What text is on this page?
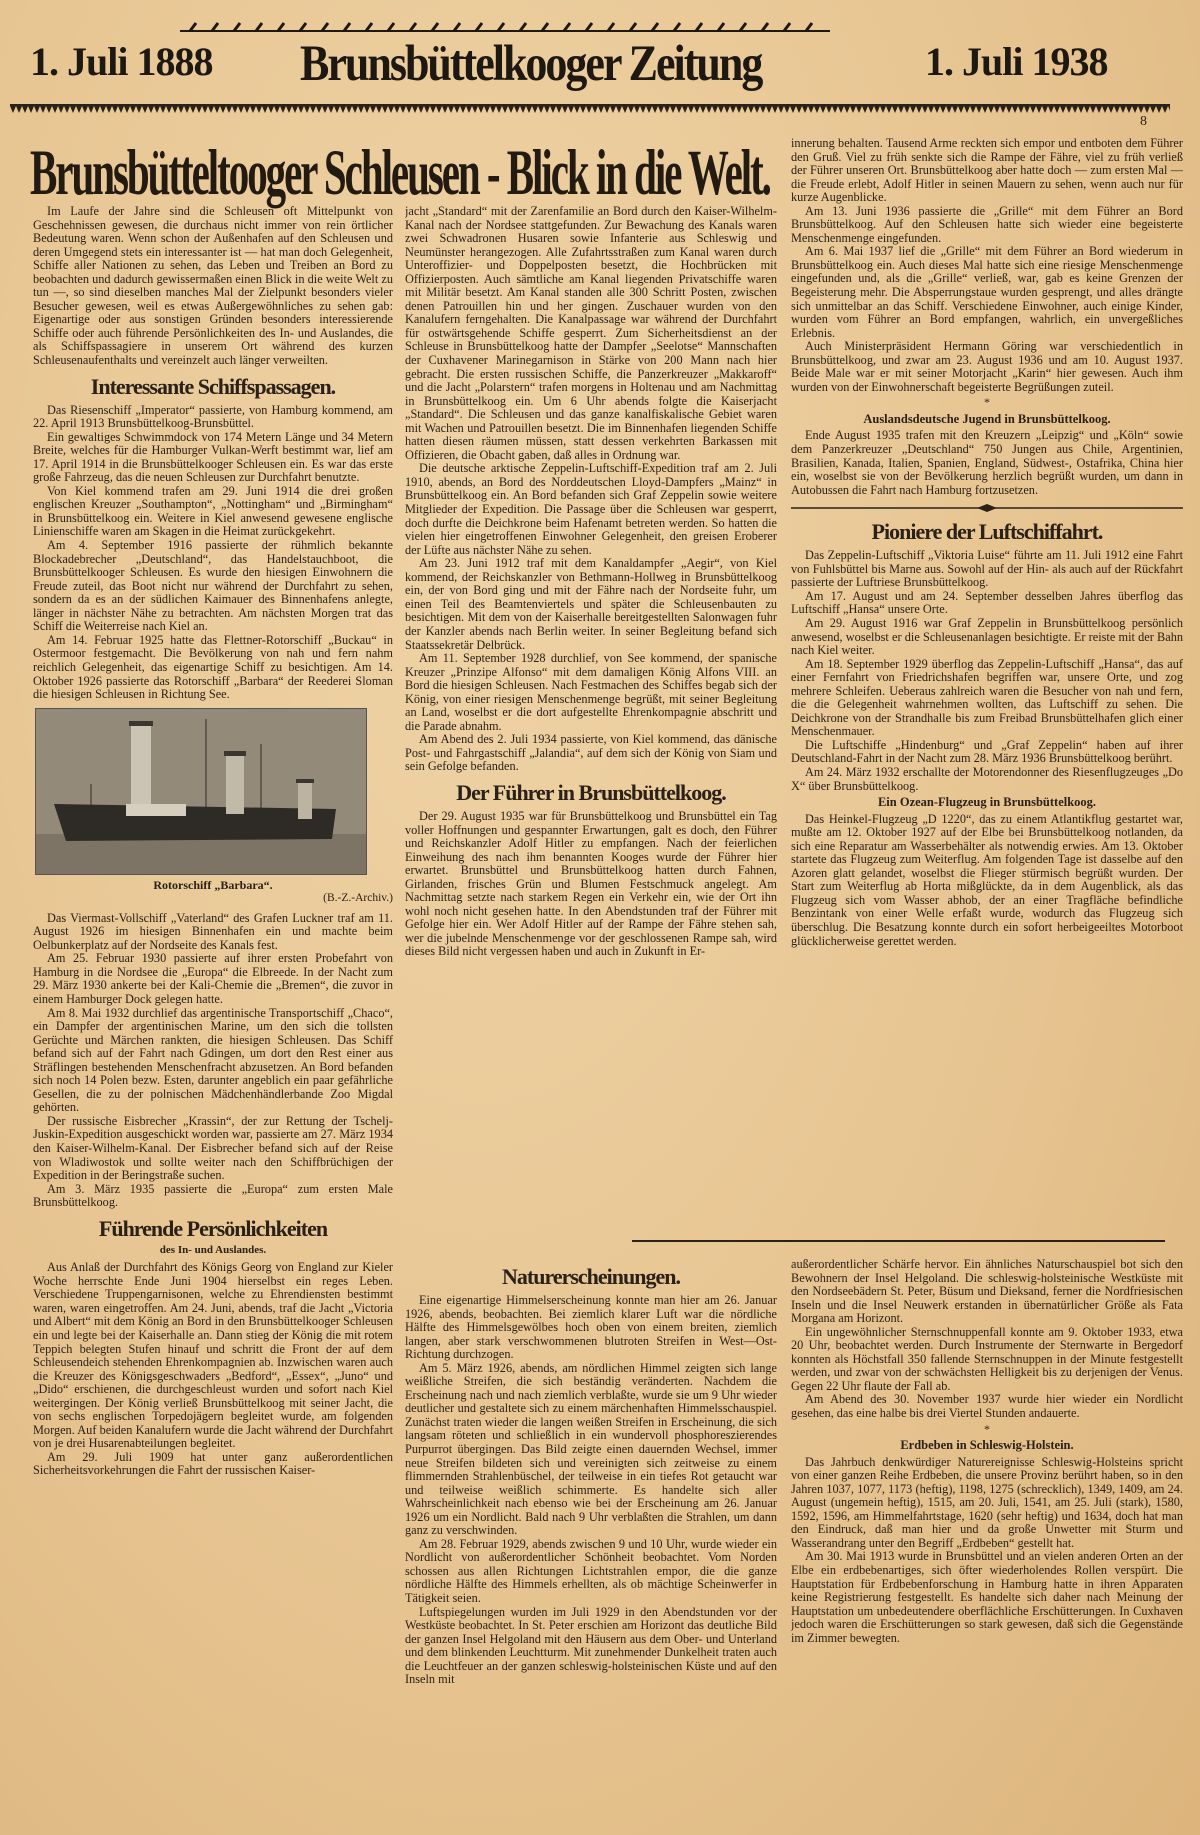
1. Juli 1888 Brunsbüttelkooger Zeitung	1. Juli 1938
8
Brunsbütteltooger Schleusen - Blick in die Welt.

Im Laufe der Jahre sind die Schleusen oft Mittelpunkt von Geschehnissen gewesen, die durchaus nicht immer von rein örtlicher Bedeutung waren. Wenn schon der Außenhafen auf den Schleusen und deren Umgegend stets ein interessanter ist — hat man doch Gelegenheit, Schiffe aller Nationen zu sehen, das Leben und Treiben an Bord zu beobachten und dadurch gewissermaßen einen Blick in die weite Welt zu tun —, so sind dieselben manches Mal der Zielpunkt besonders vieler Besucher gewesen, weil es etwas Außergewöhnliches zu sehen gab: Eigenartige oder aus sonstigen Gründen besonders interessierende Schiffe oder auch führende Persönlichkeiten des In- und Auslandes, die als Schiffspassagiere in unserem Ort während des kurzen Schleusenaufenthalts und vereinzelt auch länger verweilten.

Interessante Schiffspassagen.

Das Riesenschiff „Imperator“ passierte, von Hamburg kommend, am 22. April 1913 Brunsbüttelkoog-Brunsbüttel.

Ein gewaltiges Schwimmdock von 174 Metern Länge und 34 Metern Breite, welches für die Hamburger Vulkan-Werft bestimmt war, lief am 17. April 1914 in die Brunsbüttelkooger Schleusen ein. Es war das erste große Fahrzeug, das die neuen Schleusen zur Durchfahrt benutzte.

Von Kiel kommend trafen am 29. Juni 1914 die drei großen englischen Kreuzer „Southampton“, „Nottingham“ und „Birmingham“ in Brunsbüttelkoog ein. Weitere in Kiel anwesend gewesene englische Linienschiffe waren am Skagen in die Heimat zurückgekehrt.

Am 4. September 1916 passierte der rühmlich bekannte Blockadebrecher „Deutschland“, das Handelstauchboot, die Brunsbüttelkooger Schleusen. Es wurde den hiesigen Einwohnern die Freude zuteil, das Boot nicht nur während der Durchfahrt zu sehen, sondern da es an der südlichen Kaimauer des Binnenhafens anlegte, länger in nächster Nähe zu betrachten. Am nächsten Morgen trat das Schiff die Weiterreise nach Kiel an.

Am 14. Februar 1925 hatte das Flettner-Rotorschiff „Buckau“ in Ostermoor festgemacht. Die Bevölkerung von nah und fern nahm reichlich Gelegenheit, das eigenartige Schiff zu besichtigen. Am 14. Oktober 1926 passierte das Rotorschiff „Barbara“ der Reederei Sloman die hiesigen Schleusen in Richtung See.

Rotorschiff „Barbara“.
(B.-Z.-Archiv.)

Das Viermast-Vollschiff „Vaterland“ des Grafen Luckner traf am 11. August 1926 im hiesigen Binnenhafen ein und machte beim Oelbunkerplatz auf der Nordseite des Kanals fest.

Am 25. Februar 1930 passierte auf ihrer ersten Probefahrt von Hamburg in die Nordsee die „Europa“ die Elbreede. In der Nacht zum 29. März 1930 ankerte bei der Kali-Chemie die „Bremen“, die zuvor in einem Hamburger Dock gelegen hatte.

Am 8. Mai 1932 durchlief das argentinische Transportschiff „Chaco“, ein Dampfer der argentinischen Marine, um den sich die tollsten Gerüchte und Märchen rankten, die hiesigen Schleusen. Das Schiff befand sich auf der Fahrt nach Gdingen, um dort den Rest einer aus Sträflingen bestehenden Menschenfracht abzusetzen. An Bord befanden sich noch 14 Polen bezw. Esten, darunter angeblich ein paar gefährliche Gesellen, die zu der polnischen Mädchenhändlerbande Zoo Migdal gehörten.

Der russische Eisbrecher „Krassin“, der zur Rettung der Tschelj-Juskin-Expedition ausgeschickt worden war, passierte am 27. März 1934 den Kaiser-Wilhelm-Kanal. Der Eisbrecher befand sich auf der Reise von Wladiwostok und sollte weiter nach den Schiffbrüchigen der Expedition in der Beringstraße suchen.

Am 3. März 1935 passierte die „Europa“ zum ersten Male Brunsbüttelkoog.

Führende Persönlichkeiten
des In- und Auslandes.

Aus Anlaß der Durchfahrt des Königs Georg von England zur Kieler Woche herrschte Ende Juni 1904 hierselbst ein reges Leben. Verschiedene Truppengarnisonen, welche zu Ehrendiensten bestimmt waren, waren eingetroffen. Am 24. Juni, abends, traf die Jacht „Victoria und Albert“ mit dem König an Bord in den Brunsbüttelkooger Schleusen ein und legte bei der Kaiserhalle an. Dann stieg der König die mit rotem Teppich belegten Stufen hinauf und schritt die Front der auf dem Schleusendeich stehenden Ehrenkompagnien ab. Inzwischen waren auch die Kreuzer des Königsgeschwaders „Bedford“, „Essex“, „Juno“ und „Dido“ erschienen, die durchgeschleust wurden und sofort nach Kiel weitergingen. Der König verließ Brunsbüttelkoog mit seiner Jacht, die von sechs englischen Torpedojägern begleitet wurde, am folgenden Morgen. Auf beiden Kanalufern wurde die Jacht während der Durchfahrt von je drei Husarenabteilungen begleitet.

Am 29. Juli 1909 hat unter ganz außerordentlichen Sicherheitsvorkehrungen die Fahrt der russischen Kaiser-

jacht „Standard“ mit der Zarenfamilie an Bord durch den Kaiser-Wilhelm-Kanal nach der Nordsee stattgefunden. Zur Bewachung des Kanals waren zwei Schwadronen Husaren sowie Infanterie aus Schleswig und Neumünster herangezogen. Alle Zufahrtsstraßen zum Kanal waren durch Unteroffizier- und Doppelposten besetzt, die Hochbrücken mit Offizierposten. Auch sämtliche am Kanal liegenden Privatschiffe waren mit Militär besetzt. Am Kanal standen alle 300 Schritt Posten, zwischen denen Patrouillen hin und her gingen. Zuschauer wurden von den Kanalufern ferngehalten. Die Kanalpassage war während der Durchfahrt für ostwärtsgehende Schiffe gesperrt. Zum Sicherheitsdienst an der Schleuse in Brunsbüttelkoog hatte der Dampfer „Seelotse“ Mannschaften der Cuxhavener Marinegarnison in Stärke von 200 Mann nach hier gebracht. Die ersten russischen Schiffe, die Panzerkreuzer „Makkaroff“ und die Jacht „Polarstern“ trafen morgens in Holtenau und am Nachmittag in Brunsbüttelkoog ein. Um 6 Uhr abends folgte die Kaiserjacht „Standard“. Die Schleusen und das ganze kanalfiskalische Gebiet waren mit Wachen und Patrouillen besetzt. Die im Binnenhafen liegenden Schiffe hatten diesen räumen müssen, statt dessen verkehrten Barkassen mit Offizieren, die Obacht gaben, daß alles in Ordnung war.

Die deutsche arktische Zeppelin-Luftschiff-Expedition traf am 2. Juli 1910, abends, an Bord des Norddeutschen Lloyd-Dampfers „Mainz“ in Brunsbüttelkoog ein. An Bord befanden sich Graf Zeppelin sowie weitere Mitglieder der Expedition. Die Passage über die Schleusen war gesperrt, doch durfte die Deichkrone beim Hafenamt betreten werden. So hatten die vielen hier eingetroffenen Einwohner Gelegenheit, den greisen Eroberer der Lüfte aus nächster Nähe zu sehen.

Am 23. Juni 1912 traf mit dem Kanaldampfer „Aegir“, von Kiel kommend, der Reichskanzler von Bethmann-Hollweg in Brunsbüttelkoog ein, der von Bord ging und mit der Fähre nach der Nordseite fuhr, um einen Teil des Beamtenviertels und später die Schleusenbauten zu besichtigen. Mit dem von der Kaiserhalle bereitgestellten Salonwagen fuhr der Kanzler abends nach Berlin weiter. In seiner Begleitung befand sich Staatssekretär Delbrück.

Am 11. September 1928 durchlief, von See kommend, der spanische Kreuzer „Prinzipe Alfonso“ mit dem damaligen König Alfons VIII. an Bord die hiesigen Schleusen. Nach Festmachen des Schiffes begab sich der König, von einer riesigen Menschenmenge begrüßt, mit seiner Begleitung an Land, woselbst er die dort aufgestellte Ehrenkompagnie abschritt und die Parade abnahm.

Am Abend des 2. Juli 1934 passierte, von Kiel kommend, das dänische Post- und Fahrgastschiff „Jalandia“, auf dem sich der König von Siam und sein Gefolge befanden.

Der Führer in Brunsbüttelkoog.

Der 29. August 1935 war für Brunsbüttelkoog und Brunsbüttel ein Tag voller Hoffnungen und gespannter Erwartungen, galt es doch, den Führer und Reichskanzler Adolf Hitler zu empfangen. Nach der feierlichen Einweihung des nach ihm benannten Kooges wurde der Führer hier erwartet. Brunsbüttel und Brunsbüttelkoog hatten durch Fahnen, Girlanden, frisches Grün und Blumen Festschmuck angelegt. Am Nachmittag setzte nach starkem Regen ein Verkehr ein, wie der Ort ihn wohl noch nicht gesehen hatte. In den Abendstunden traf der Führer mit Gefolge hier ein. Wer Adolf Hitler auf der Rampe der Fähre stehen sah, wer die jubelnde Menschenmenge vor der geschlossenen Rampe sah, wird dieses Bild nicht vergessen haben und auch in Zukunft in Er-

innerung behalten. Tausend Arme reckten sich empor und entboten dem Führer den Gruß. Viel zu früh senkte sich die Rampe der Fähre, viel zu früh verließ der Führer unseren Ort. Brunsbüttelkoog aber hatte doch — zum ersten Mal — die Freude erlebt, Adolf Hitler in seinen Mauern zu sehen, wenn auch nur für kurze Augenblicke.

Am 13. Juni 1936 passierte die „Grille“ mit dem Führer an Bord Brunsbüttelkoog. Auf den Schleusen hatte sich wieder eine begeisterte Menschenmenge eingefunden.

Am 6. Mai 1937 lief die „Grille“ mit dem Führer an Bord wiederum in Brunsbüttelkoog ein. Auch dieses Mal hatte sich eine riesige Menschenmenge eingefunden und, als die „Grille“ verließ, war, gab es keine Grenzen der Begeisterung mehr. Die Absperrungstaue wurden gesprengt, und alles drängte sich unmittelbar an das Schiff. Verschiedene Einwohner, auch einige Kinder, wurden vom Führer an Bord empfangen, wahrlich, ein unvergeßliches Erlebnis.

Auch Ministerpräsident Hermann Göring war verschiedentlich in Brunsbüttelkoog, und zwar am 23. August 1936 und am 10. August 1937. Beide Male war er mit seiner Motorjacht „Karin“ hier gewesen. Auch ihm wurden von der Einwohnerschaft begeisterte Begrüßungen zuteil.

*
Auslandsdeutsche Jugend in Brunsbüttelkoog.

Ende August 1935 trafen mit den Kreuzern „Leipzig“ und „Köln“ sowie dem Panzerkreuzer „Deutschland“ 750 Jungen aus Chile, Argentinien, Brasilien, Kanada, Italien, Spanien, England, Südwest-, Ostafrika, China hier ein, woselbst sie von der Bevölkerung herzlich begrüßt wurden, um dann in Autobussen die Fahrt nach Hamburg fortzusetzen.

Pioniere der Luftschiffahrt.

Das Zeppelin-Luftschiff „Viktoria Luise“ führte am 11. Juli 1912 eine Fahrt von Fuhlsbüttel bis Marne aus. Sowohl auf der Hin- als auch auf der Rückfahrt passierte der Luftriese Brunsbüttelkoog.

Am 17. August und am 24. September desselben Jahres überflog das Luftschiff „Hansa“ unsere Orte.

Am 29. August 1916 war Graf Zeppelin in Brunsbüttelkoog persönlich anwesend, woselbst er die Schleusenanlagen besichtigte. Er reiste mit der Bahn nach Kiel weiter.

Am 18. September 1929 überflog das Zeppelin-Luftschiff „Hansa“, das auf einer Fernfahrt von Friedrichshafen begriffen war, unsere Orte, und zog mehrere Schleifen. Ueberaus zahlreich waren die Besucher von nah und fern, die die Gelegenheit wahrnehmen wollten, das Luftschiff zu sehen. Die Deichkrone von der Strandhalle bis zum Freibad Brunsbüttelhafen glich einer Menschenmauer.

Die Luftschiffe „Hindenburg“ und „Graf Zeppelin“ haben auf ihrer Deutschland-Fahrt in der Nacht zum 28. März 1936 Brunsbüttelkoog berührt.

Am 24. März 1932 erschallte der Motorendonner des Riesenflugzeuges „Do X“ über Brunsbüttelkoog.

Ein Ozean-Flugzeug in Brunsbüttelkoog.

Das Heinkel-Flugzeug „D 1220“, das zu einem Atlantikflug gestartet war, mußte am 12. Oktober 1927 auf der Elbe bei Brunsbüttelkoog notlanden, da sich eine Reparatur am Wasserbehälter als notwendig erwies. Am 13. Oktober startete das Flugzeug zum Weiterflug. Am folgenden Tage ist dasselbe auf den Azoren glatt gelandet, woselbst die Flieger stürmisch begrüßt wurden. Der Start zum Weiterflug ab Horta mißglückte, da in dem Augenblick, als das Flugzeug sich vom Wasser abhob, der an einer Tragfläche befindliche Benzintank von einer Welle erfaßt wurde, wodurch das Flugzeug sich überschlug. Die Besatzung konnte durch ein sofort herbeigeeiltes Motorboot glücklicherweise gerettet werden.

Naturerscheinungen.

Eine eigenartige Himmelserscheinung konnte man hier am 26. Januar 1926, abends, beobachten. Bei ziemlich klarer Luft war die nördliche Hälfte des Himmelsgewölbes hoch oben von einem breiten, ziemlich langen, aber stark verschwommenen blutroten Streifen in West—Ost-Richtung durchzogen.

Am 5. März 1926, abends, am nördlichen Himmel zeigten sich lange weißliche Streifen, die sich beständig veränderten. Nachdem die Erscheinung nach und nach ziemlich verblaßte, wurde sie um 9 Uhr wieder deutlicher und gestaltete sich zu einem märchenhaften Himmelsschauspiel. Zunächst traten wieder die langen weißen Streifen in Erscheinung, die sich langsam röteten und schließlich in ein wundervoll phosphoreszierendes Purpurrot übergingen. Das Bild zeigte einen dauernden Wechsel, immer neue Streifen bildeten sich und vereinigten sich zeitweise zu einem flimmernden Strahlenbüschel, der teilweise in ein tiefes Rot getaucht war und teilweise weißlich schimmerte. Es handelte sich aller Wahrscheinlichkeit nach ebenso wie bei der Erscheinung am 26. Januar 1926 um ein Nordlicht. Bald nach 9 Uhr verblaßten die Strahlen, um dann ganz zu verschwinden.

Am 28. Februar 1929, abends zwischen 9 und 10 Uhr, wurde wieder ein Nordlicht von außerordentlicher Schönheit beobachtet. Vom Norden schossen aus allen Richtungen Lichtstrahlen empor, die die ganze nördliche Hälfte des Himmels erhellten, als ob mächtige Scheinwerfer in Tätigkeit seien.

Luftspiegelungen wurden im Juli 1929 in den Abendstunden vor der Westküste beobachtet. In St. Peter erschien am Horizont das deutliche Bild der ganzen Insel Helgoland mit den Häusern aus dem Ober- und Unterland und dem blinkenden Leuchtturm. Mit zunehmender Dunkelheit traten auch die Leuchtfeuer an der ganzen schleswig-holsteinischen Küste und auf den Inseln mit

außerordentlicher Schärfe hervor. Ein ähnliches Naturschauspiel bot sich den Bewohnern der Insel Helgoland. Die schleswig-holsteinische Westküste mit den Nordseebädern St. Peter, Büsum und Dieksand, ferner die Nordfriesischen Inseln und die Insel Neuwerk erstanden in übernatürlicher Größe als Fata Morgana am Horizont.

Ein ungewöhnlicher Sternschnuppenfall konnte am 9. Oktober 1933, etwa 20 Uhr, beobachtet werden. Durch Instrumente der Sternwarte in Bergedorf konnten als Höchstfall 350 fallende Sternschnuppen in der Minute festgestellt werden, und zwar von der schwächsten Helligkeit bis zu derjenigen der Venus. Gegen 22 Uhr flaute der Fall ab.

Am Abend des 30. November 1937 wurde hier wieder ein Nordlicht gesehen, das eine halbe bis drei Viertel Stunden andauerte.

*
Erdbeben in Schleswig-Holstein.

Das Jahrbuch denkwürdiger Naturereignisse Schleswig-Holsteins spricht von einer ganzen Reihe Erdbeben, die unsere Provinz berührt haben, so in den Jahren 1037, 1077, 1173 (heftig), 1198, 1275 (schrecklich), 1349, 1409, am 24. August (ungemein heftig), 1515, am 20. Juli, 1541, am 25. Juli (stark), 1580, 1592, 1596, am Himmelfahrtstage, 1620 (sehr heftig) und 1634, doch hat man den Eindruck, daß man hier und da große Unwetter mit Sturm und Wasserandrang unter den Begriff „Erdbeben“ gestellt hat.

Am 30. Mai 1913 wurde in Brunsbüttel und an vielen anderen Orten an der Elbe ein erdbebenartiges, sich öfter wiederholendes Rollen verspürt. Die Hauptstation für Erdbebenforschung in Hamburg hatte in ihren Apparaten keine Registrierung festgestellt. Es handelte sich daher nach Meinung der Hauptstation um unbedeutendere oberflächliche Erschütterungen. In Cuxhaven jedoch waren die Erschütterungen so stark gewesen, daß sich die Gegenstände im Zimmer bewegten.
